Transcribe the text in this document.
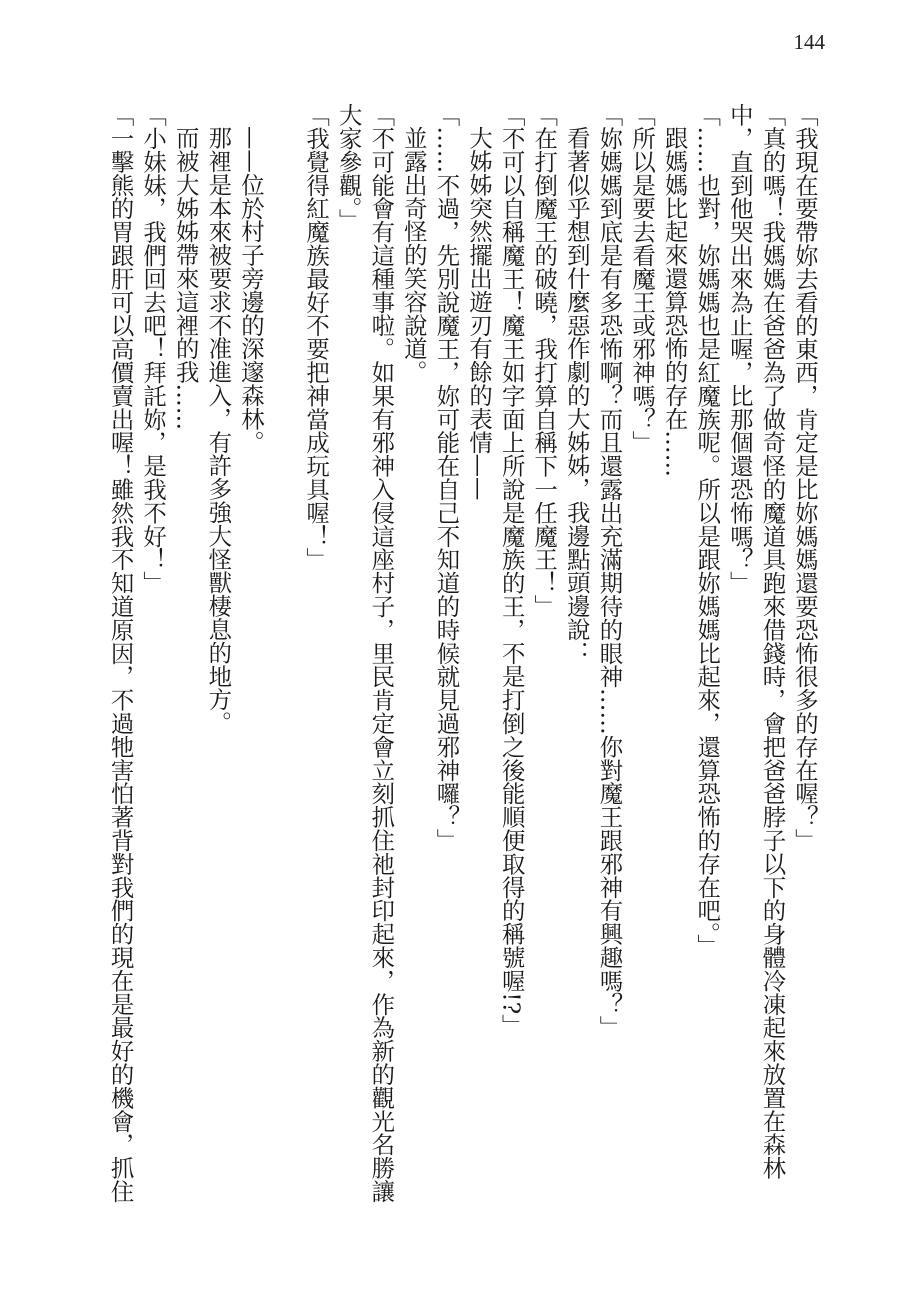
144

「我現在要帶妳去看的東西，肯定是比妳媽媽還要恐怖很多的存在喔？」

「真的嗎！我媽媽在爸爸為了做奇怪的魔道具跑來借錢時，會把爸爸脖子以下的身體冷凍起來放置在森林

中，直到他哭出來為止喔，比那個還恐怖嗎？」

「……也對，妳媽媽也是紅魔族呢。所以是跟妳媽媽比起來，還算恐怖的存在吧。」

跟媽媽比起來還算恐怖的存在……

「所以是要去看魔王或邪神嗎？」

「妳媽媽到底是有多恐怖啊？而且還露出充滿期待的眼神……你對魔王跟邪神有興趣嗎？」

看著似乎想到什麼惡作劇的大姊姊，我邊點頭邊說：

「在打倒魔王的破曉，我打算自稱下一任魔王！」

「不可以自稱魔王！魔王如字面上所說是魔族的王，不是打倒之後能順便取得的稱號喔!?」

大姊姊突然擺出遊刃有餘的表情——

「……不過，先別說魔王，妳可能在自己不知道的時候就見過邪神囉？」

並露出奇怪的笑容說道。

「不可能會有這種事啦。如果有邪神入侵這座村子，里民肯定會立刻抓住祂封印起來，作為新的觀光名勝讓

大家參觀。」

「我覺得紅魔族最好不要把神當成玩具喔！」

——位於村子旁邊的深邃森林。

那裡是本來被要求不准進入，有許多強大怪獸棲息的地方。

而被大姊姊帶來這裡的我……

「小妹妹，我們回去吧！拜託妳，是我不好！」

「一擊熊的胃跟肝可以高價賣出喔！雖然我不知道原因，不過牠害怕著背對我們的現在是最好的機會，抓住
